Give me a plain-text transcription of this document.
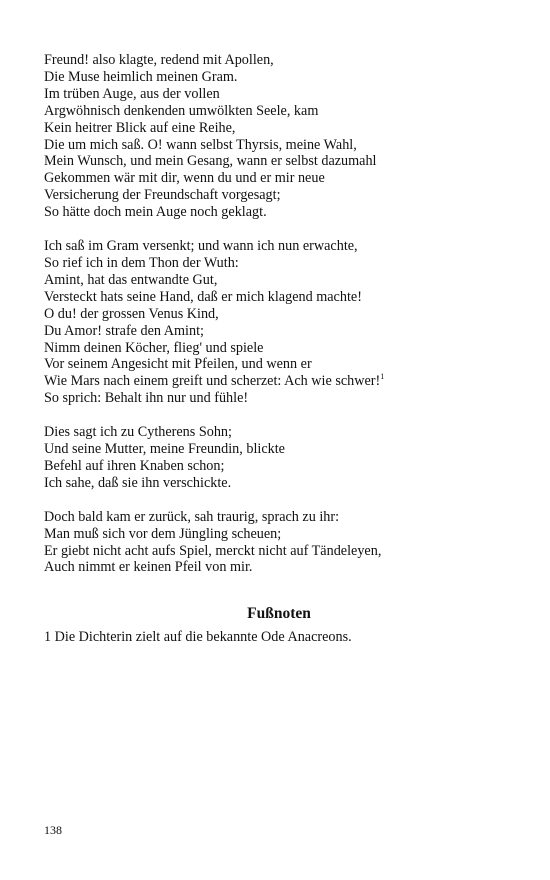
Freund! also klagte, redend mit Apollen,
Die Muse heimlich meinen Gram.
Im trüben Auge, aus der vollen
Argwöhnisch denkenden umwölkten Seele, kam
Kein heitrer Blick auf eine Reihe,
Die um mich saß. O! wann selbst Thyrsis, meine Wahl,
Mein Wunsch, und mein Gesang, wann er selbst dazumahl
Gekommen wär mit dir, wenn du und er mir neue
Versicherung der Freundschaft vorgesagt;
So hätte doch mein Auge noch geklagt.
Ich saß im Gram versenkt; und wann ich nun erwachte,
So rief ich in dem Thon der Wuth:
Amint, hat das entwandte Gut,
Versteckt hats seine Hand, daß er mich klagend machte!
O du! der grossen Venus Kind,
Du Amor! strafe den Amint;
Nimm deinen Köcher, flieg' und spiele
Vor seinem Angesicht mit Pfeilen, und wenn er
Wie Mars nach einem greift und scherzet: Ach wie schwer!$^1$
So sprich: Behalt ihn nur und fühle!
Dies sagt ich zu Cytherens Sohn;
Und seine Mutter, meine Freundin, blickte
Befehl auf ihren Knaben schon;
Ich sahe, daß sie ihn verschickte.
Doch bald kam er zurück, sah traurig, sprach zu ihr:
Man muß sich vor dem Jüngling scheuen;
Er giebt nicht acht aufs Spiel, merckt nicht auf Tändeleyen,
Auch nimmt er keinen Pfeil von mir.
Fußnoten
1 Die Dichterin zielt auf die bekannte Ode Anacreons.
138
